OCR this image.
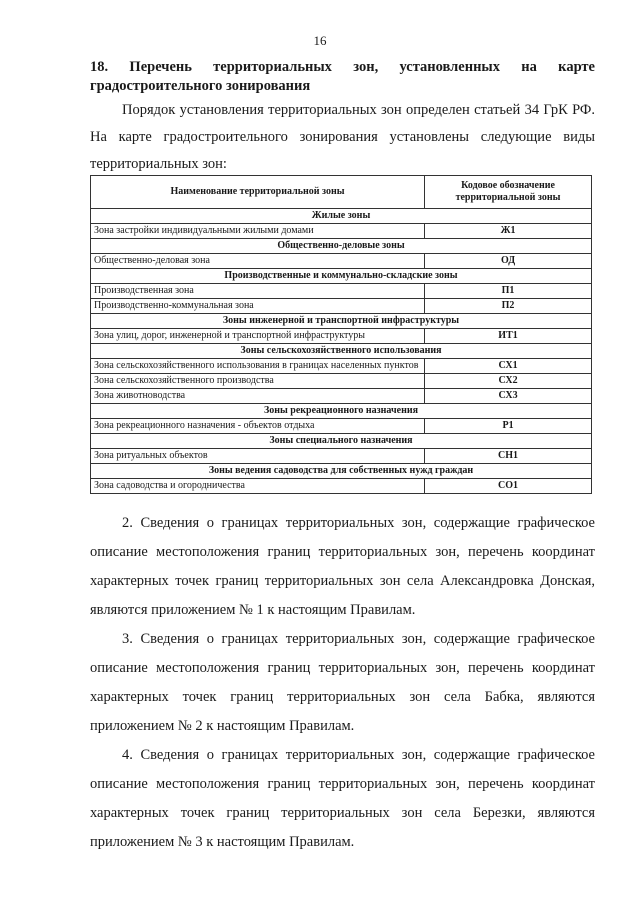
16
18. Перечень территориальных зон, установленных на карте градостроительного зонирования

Порядок установления территориальных зон определен статьей 34 ГрК РФ. На карте градостроительного зонирования установлены следующие виды территориальных зон:

Наименование территориальной зоны	Кодовое обозначение территориальной зоны
Жилые зоны	
Зона застройки индивидуальными жилыми домами	Ж1
Общественно-деловые зоны	
Общественно-деловая зона	ОД
Производственные и коммунально-складские зоны	
Производственная зона	П1
Производственно-коммунальная зона	П2
Зоны инженерной и транспортной инфраструктуры	
Зона улиц, дорог, инженерной и транспортной инфраструктуры	ИТ1
Зоны сельскохозяйственного использования	
Зона сельскохозяйственного использования в границах населенных пунктов	СХ1
Зона сельскохозяйственного производства	СХ2
Зона животноводства	СХ3
Зоны рекреационного назначения	
Зона рекреационного назначения - объектов отдыха	Р1
Зоны специального назначения	
Зона ритуальных объектов	СН1
Зоны ведения садоводства для собственных нужд граждан	
Зона садоводства и огородничества	СО1

2. Сведения о границах территориальных зон, содержащие графическое описание местоположения границ территориальных зон, перечень координат характерных точек границ территориальных зон села Александровка Донская, являются приложением № 1 к настоящим Правилам.

3. Сведения о границах территориальных зон, содержащие графическое описание местоположения границ территориальных зон, перечень координат характерных точек границ территориальных зон села Бабка, являются приложением № 2 к настоящим Правилам.

4. Сведения о границах территориальных зон, содержащие графическое описание местоположения границ территориальных зон, перечень координат характерных точек границ территориальных зон села Березки, являются приложением № 3 к настоящим Правилам.
